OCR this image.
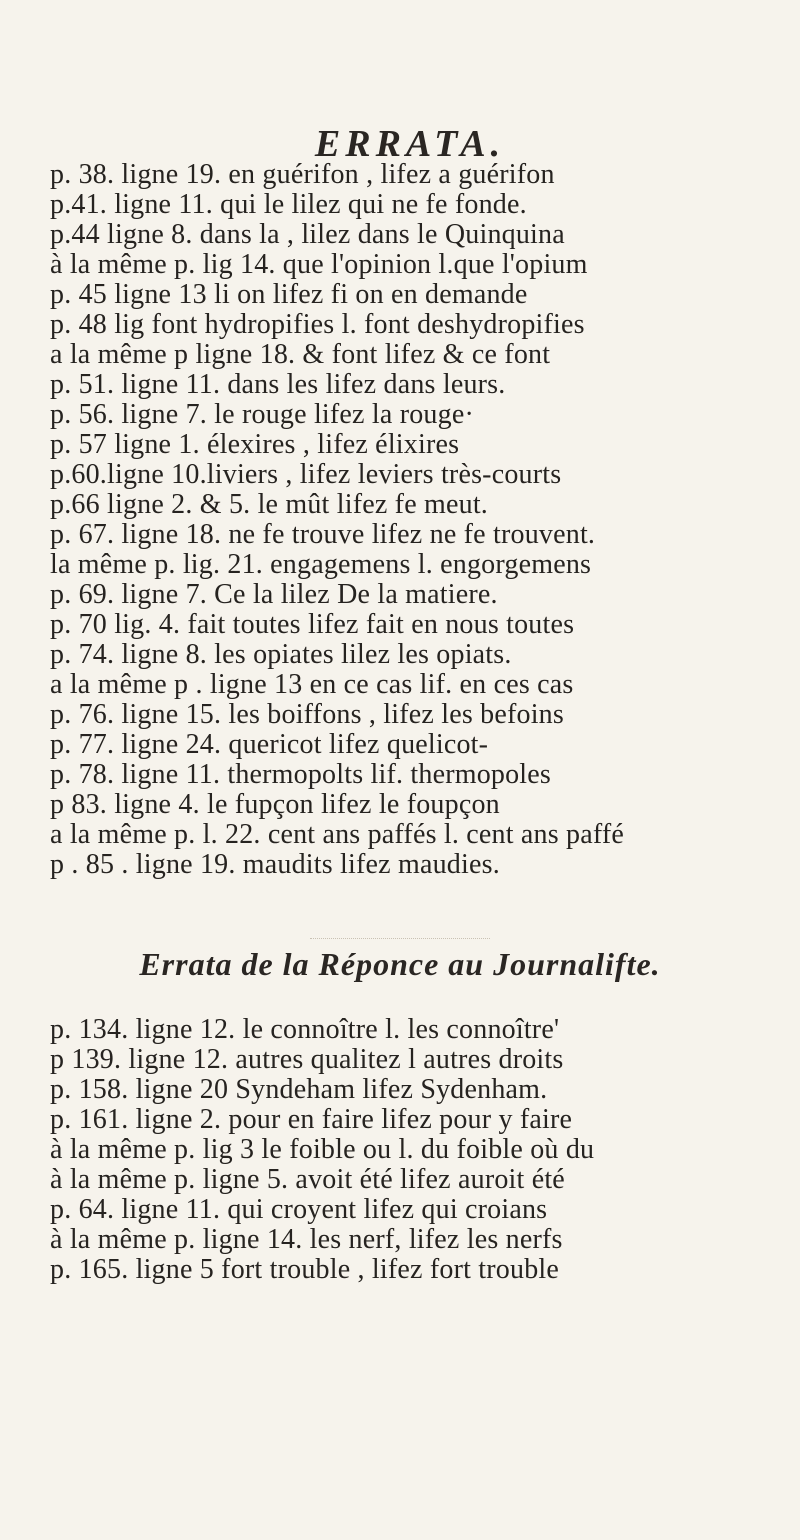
ERRATA.
p. 38. ligne 19. en guérifon , lifez a guérifon
p.41. ligne 11. qui le lilez qui ne fe fonde.
p.44 ligne 8. dans la , lilez dans le Quinquina
à la même p. lig 14. que l'opinion l.que l'opium
p. 45 ligne 13 li on lifez fi on en demande
p. 48 lig font hydropifies l. font deshydropifies
a la même p ligne 18. & font lifez & ce font
p. 51. ligne 11. dans les lifez dans leurs.
p. 56. ligne 7. le rouge lifez la rouge·
p. 57 ligne 1. élexires , lifez élixires
p.60.ligne 10.liviers , lifez leviers très-courts
p.66 ligne 2. & 5. le mût lifez fe meut.
p. 67. ligne 18. ne fe trouve lifez ne fe trouvent.
la même p. lig. 21. engagemens l. engorgemens
p. 69. ligne 7. Ce la lilez De la matiere.
p. 70 lig. 4. fait toutes lifez fait en nous toutes
p. 74. ligne 8. les opiates lilez les opiats.
a la même p . ligne 13 en ce cas lif. en ces cas
p. 76. ligne 15. les boiffons , lifez les befoins
p. 77. ligne 24. quericot lifez quelicot-
p. 78. ligne 11. thermopolts lif. thermopoles
p 83. ligne 4. le fupçon lifez le foupçon
a la même p. l. 22. cent ans paffés l. cent ans paffé
p . 85 . ligne 19. maudits lifez maudies.
Errata de la Réponce au Journalifte.
p. 134. ligne 12. le connoître l. les connoître'
p 139. ligne 12. autres qualitez l autres droits
p. 158. ligne 20 Syndeham lifez Sydenham.
p. 161. ligne 2. pour en faire lifez pour y faire
à la même p. lig 3 le foible ou l. du foible où du
à la même p. ligne 5. avoit été lifez auroit été
p. 64. ligne 11. qui croyent lifez qui croians
à la même p. ligne 14. les nerf, lifez les nerfs
p. 165. ligne 5 fort trouble , lifez fort trouble
